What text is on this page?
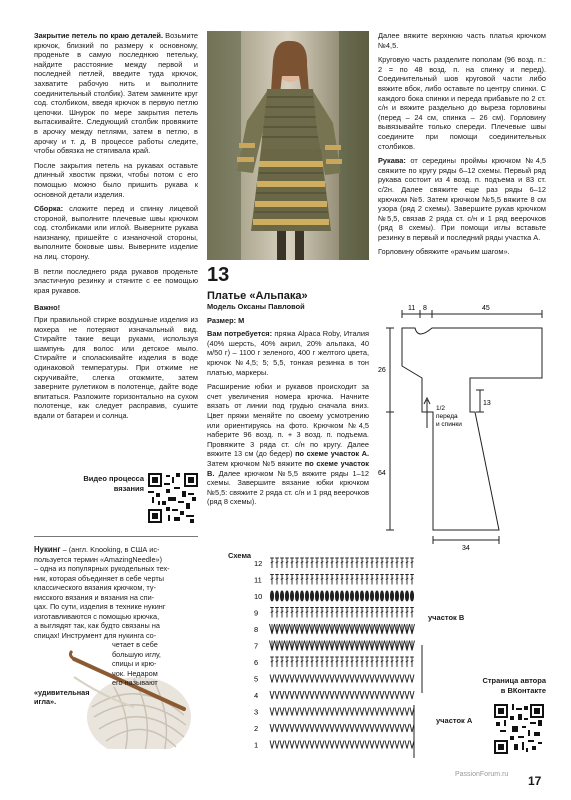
Закрытие петель по краю деталей. Возьмите крючок, близкий по размеру к основному, проденьте в самую последнюю петельку, найдите расстояние между первой и последней петлей, введите туда крючок, захватите рабочую нить и выполните соединительный столбик). Затем замкните круг сод. столбиком, введя крючок в первую петлю цепочки. Шнурок по мере закрытия петель вытаскивайте. Следующий столбик провяжите в арочку между петлями, затем в петлю, в арочку и т. д. В процессе работы следите, чтобы обвязка не стягивала край.

После закрытия петель на рукавах оставьте длинный хвостик пряжи, чтобы потом с его помощью можно было пришить рукава к основной детали изделия.

Сборка: сложите перед и спинку лицевой стороной, выполните плечевые швы крючком сод. столбиками или иглой. Выверните рукава наизнанку, пришейте с изнаночной стороны, выполните боковые швы. Выверните изделие на лиц. сторону.

В петли последнего ряда рукавов проденьте эластичную резинку и стяните с ее помощью края рукавов.

Важно!

При правильной стирке воздушные изделия из мохера не потеряют изначальный вид. Стирайте такие вещи руками, используя шампунь для волос или детское мыло. Стирайте и споласкивайте изделия в воде одинаковой температуры. При отжиме не скручивайте, слегка отожмите, затем заверните рулетиком в полотенце, дайте воде впитаться. Разложите горизонтально на сухом полотенце, как следует расправив, сушите вдали от батареи и солнца.

Видео процесса
вязания
Нукинг – (англ. Knooking, в США ис-
пользуется термин «AmazingNeedle»)
– одна из популярных рукодельных тех-
ник, которая объединяет в себе черты
классического вязания крючком, ту-
нисского вязания и вязания на спи-
цах. По сути, изделия в технике нукинг
изготавливаются с помощью крючка,
а выглядят так, как будто связаны на
спицах! Инструмент для нукинга со-
четает в себе
большую иглу,
спицы и крю-
чок. Недаром
его называют
«удивительная
игла».
13
Платье «Альпака»

Модель Оксаны Павловой

Размер: М

Вам потребуется: пряжа Alpaca Roby, Италия (40% шерсть, 40% акрил, 20% альпака, 40 м/50 г) – 1100 г зеленого, 400 г желтого цвета, крючок №4,5; 5; 5,5, тонкая резинка в тон платью, маркеры.

Расширение юбки и рукавов происходит за счет увеличения номера крючка. Начните вязать от линии под грудью сначала вниз. Цвет пряжи меняйте по своему усмотрению или ориентируясь на фото. Крючком №4,5 наберите 96 возд. п. + 3 возд. п. подъема. Провяжите 3 ряда ст. с/н по кругу. Далее вяжите 13 см (до бедер) по схеме участок А. Затем крючком №5 вяжите по схеме участок В. Далее крючком №5,5 вяжите ряды 1–12 схемы. Завершите вязание юбки крючком №5,5: свяжите 2 ряда ст. с/н и 1 ряд веерочков (ряд 8 схемы).

Далее вяжите верхнюю часть платья крючком №4,5.

Круговую часть разделите пополам (96 возд. п.: 2 = по 48 возд. п. на спинку и перед). Соединительный шов круговой части либо вяжите вбок, либо оставьте по центру спинки. С каждого бока спинки и переда прибавьте по 2 ст. с/н и вяжите раздельно до выреза горловины (перед – 24 см, спинка – 26 см). Горловину вывязывайте только спереди. Плечевые швы соедините при помощи соединительных столбиков.

Рукава: от середины проймы крючком №4,5 свяжите по кругу ряды 6–12 схемы. Первый ряд рукава состоит из 4 возд. п. подъема и 83 ст. с/2н. Далее свяжите еще раз ряды 6–12 крючком №5. Затем крючком №5,5 вяжите 8 см узора (ряд 2 схемы). Завершите рукав крючком №5,5, связав 2 ряда ст. с/н и 1 ряд веерочков (ряд 8 схемы). При помощи иглы вставьте резинку в первый и последний ряды участка А.

Горловину обвяжите «рачьим шагом».

11 8	45
26
64
34
13
1/2
переда
и спинки
Схема
12
11
10
9
8
7
6
5
4
3
2
1
участок В
участок А
Страница автора
в ВКонтакте
PassionForum.ru 17
